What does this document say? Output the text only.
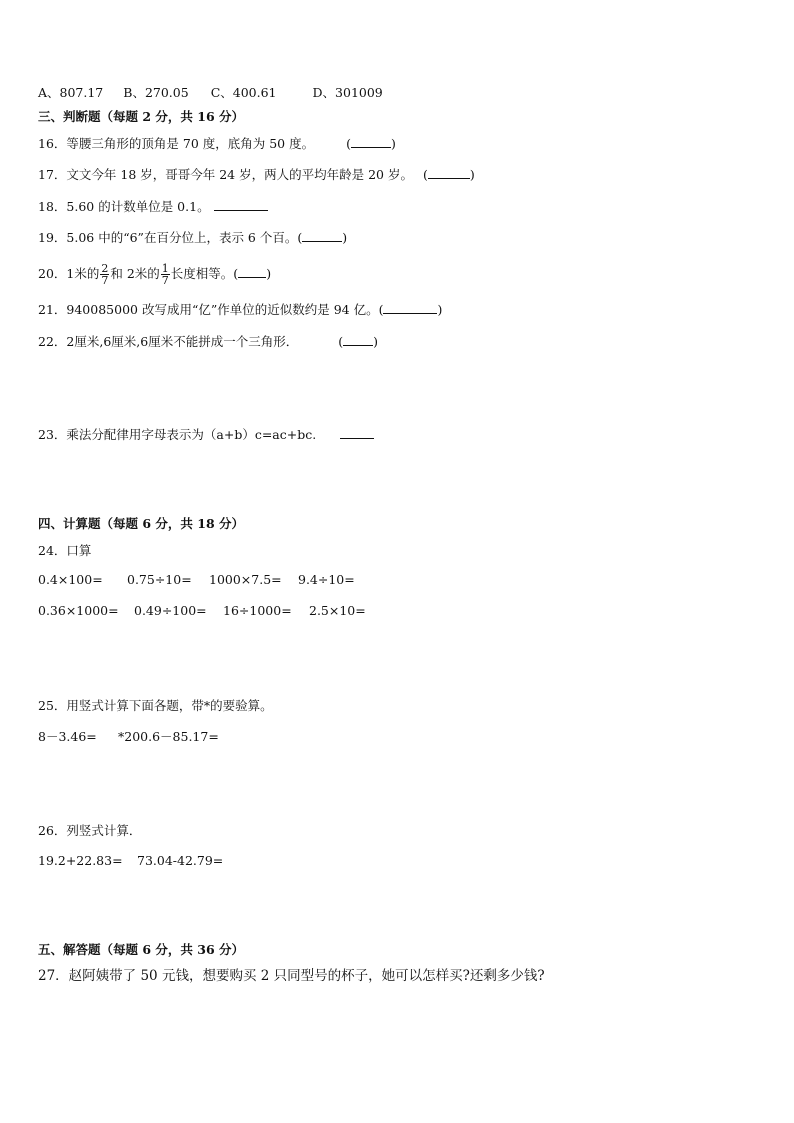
A、807.17 B、270.05 C、400.61	D、301009
三、判断题（每题 2 分，共 16 分）
16．等腰三角形的顶角是 70 度，底角为 50 度。	(	)
17．文文今年 18 岁，哥哥今年 24 岁，两人的平均年龄是 20 岁。 (	)
18．5.60 的计数单位是 0.1。
19．5.06 中的“6”在百分位上，表示 6 个百。(	)
20．1米的 $\frac{2}{7}$ 和 2米的 $\frac{1}{7}$ 长度相等。( )
21．940085000 改写成用“亿”作单位的近似数约是 94 亿。(	)
22．2厘米,6厘米,6厘米不能拼成一个三角形．	( )
23．乘法分配律用字母表示为（a+b）c=ac+bc.
四、计算题（每题 6 分，共 18 分）
24．口算
0.4×100= 0.75÷10= 1000×7.5= 9.4÷10=
0.36×1000= 0.49÷100= 16÷1000= 2.5×10=
25．用竖式计算下面各题，带*的要验算。
8－3.46= *200.6－85.17=
26．列竖式计算．
19.2+22.83= 73.04-42.79=
五、解答题（每题 6 分，共 36 分）
27．赵阿姨带了 50 元钱，想要购买 2 只同型号的杯子，她可以怎样买?还剩多少钱?
